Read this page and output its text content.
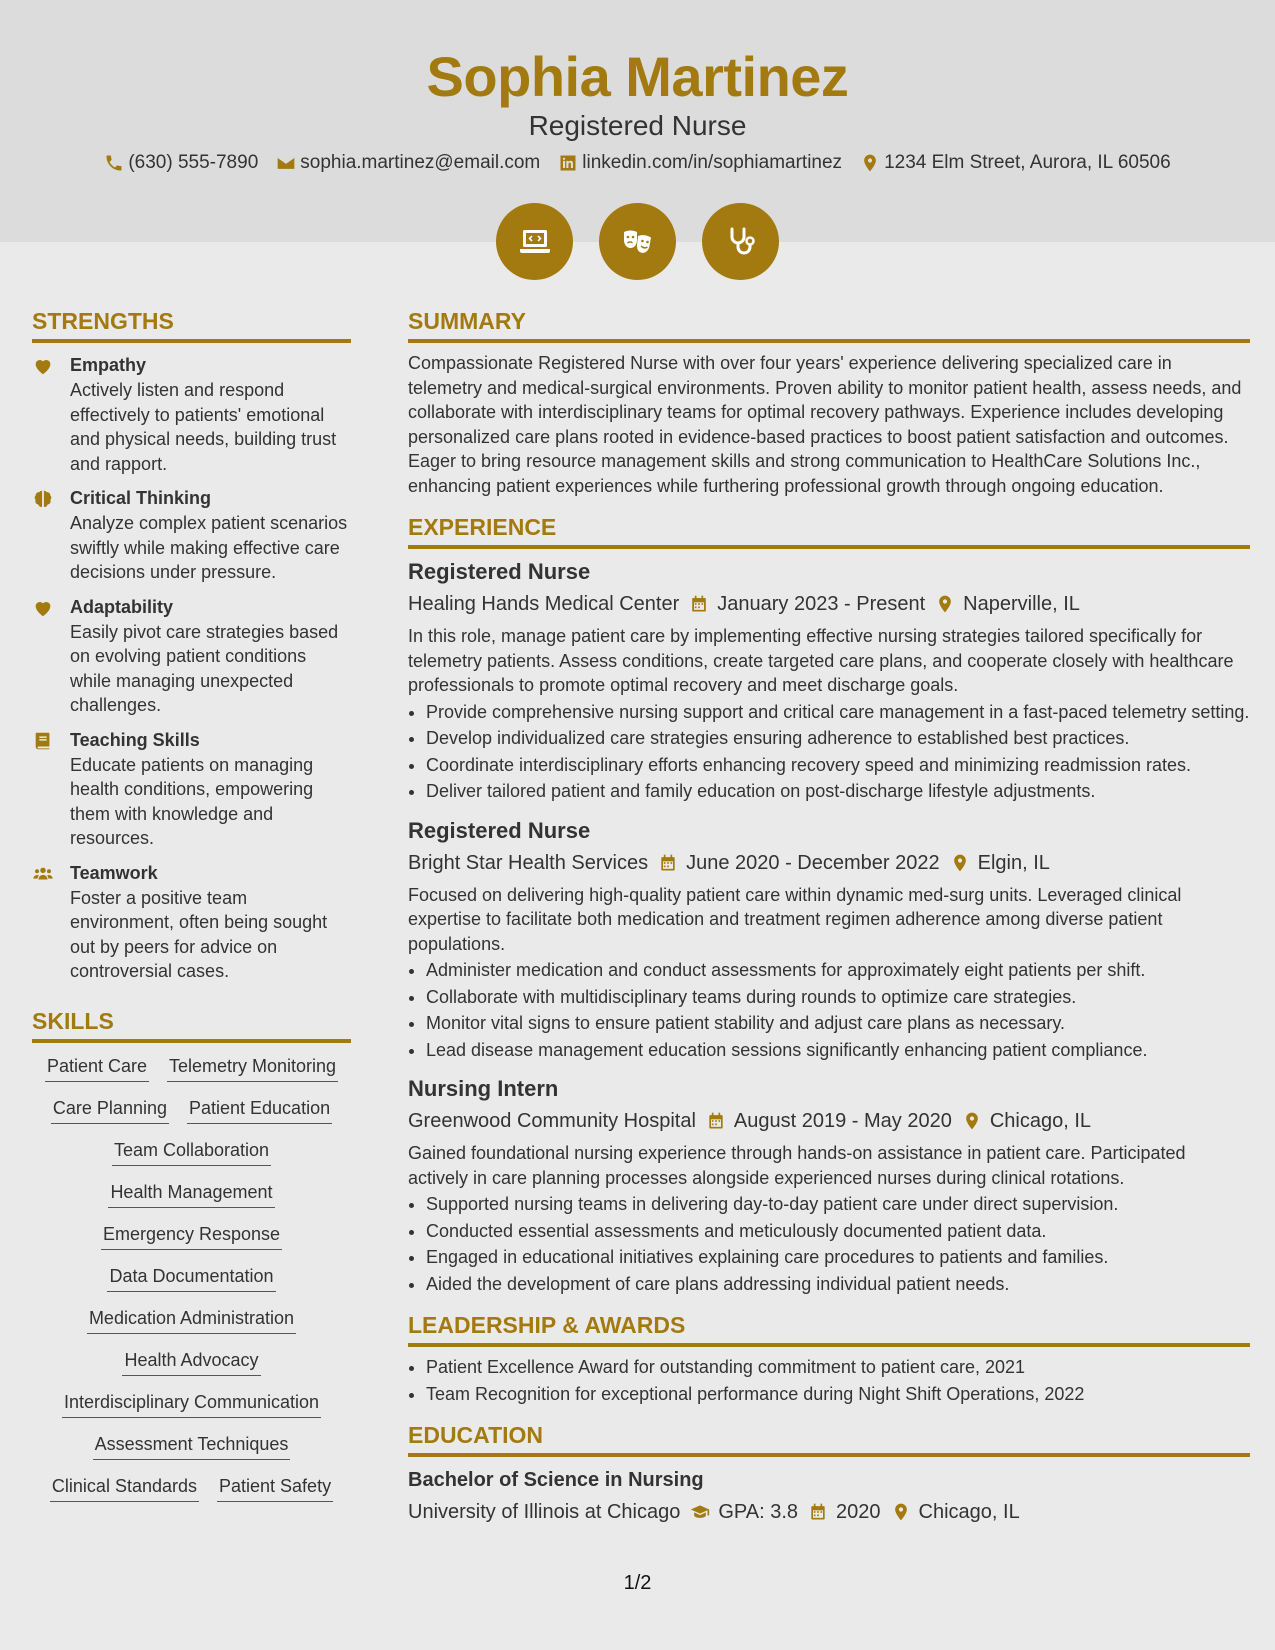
Sophia Martinez
Registered Nurse
(630) 555-7890 sophia.martinez@email.com linkedin.com/in/sophiamartinez 1234 Elm Street, Aurora, IL 60506
STRENGTHS
Empathy
Actively listen and respond effectively to patients' emotional and physical needs, building trust and rapport.
Critical Thinking
Analyze complex patient scenarios swiftly while making effective care decisions under pressure.
Adaptability
Easily pivot care strategies based on evolving patient conditions while managing unexpected challenges.
Teaching Skills
Educate patients on managing health conditions, empowering them with knowledge and resources.
Teamwork
Foster a positive team environment, often being sought out by peers for advice on controversial cases.
SKILLS
Patient Care Telemetry Monitoring
Care Planning Patient Education
Team Collaboration
Health Management
Emergency Response
Data Documentation
Medication Administration
Health Advocacy
Interdisciplinary Communication
Assessment Techniques
Clinical Standards Patient Safety
SUMMARY
Compassionate Registered Nurse with over four years' experience delivering specialized care in telemetry and medical-surgical environments. Proven ability to monitor patient health, assess needs, and collaborate with interdisciplinary teams for optimal recovery pathways. Experience includes developing personalized care plans rooted in evidence-based practices to boost patient satisfaction and outcomes. Eager to bring resource management skills and strong communication to HealthCare Solutions Inc., enhancing patient experiences while furthering professional growth through ongoing education.
EXPERIENCE
Registered Nurse
Healing Hands Medical Center January 2023 - Present Naperville, IL
In this role, manage patient care by implementing effective nursing strategies tailored specifically for telemetry patients. Assess conditions, create targeted care plans, and cooperate closely with healthcare professionals to promote optimal recovery and meet discharge goals.
• Provide comprehensive nursing support and critical care management in a fast-paced telemetry setting.
• Develop individualized care strategies ensuring adherence to established best practices.
• Coordinate interdisciplinary efforts enhancing recovery speed and minimizing readmission rates.
• Deliver tailored patient and family education on post-discharge lifestyle adjustments.
Registered Nurse
Bright Star Health Services June 2020 - December 2022 Elgin, IL
Focused on delivering high-quality patient care within dynamic med-surg units. Leveraged clinical expertise to facilitate both medication and treatment regimen adherence among diverse patient populations.
• Administer medication and conduct assessments for approximately eight patients per shift.
• Collaborate with multidisciplinary teams during rounds to optimize care strategies.
• Monitor vital signs to ensure patient stability and adjust care plans as necessary.
• Lead disease management education sessions significantly enhancing patient compliance.
Nursing Intern
Greenwood Community Hospital August 2019 - May 2020 Chicago, IL
Gained foundational nursing experience through hands-on assistance in patient care. Participated actively in care planning processes alongside experienced nurses during clinical rotations.
• Supported nursing teams in delivering day-to-day patient care under direct supervision.
• Conducted essential assessments and meticulously documented patient data.
• Engaged in educational initiatives explaining care procedures to patients and families.
• Aided the development of care plans addressing individual patient needs.
LEADERSHIP & AWARDS
• Patient Excellence Award for outstanding commitment to patient care, 2021
• Team Recognition for exceptional performance during Night Shift Operations, 2022
EDUCATION
Bachelor of Science in Nursing
University of Illinois at Chicago GPA: 3.8 2020 Chicago, IL
1/2
